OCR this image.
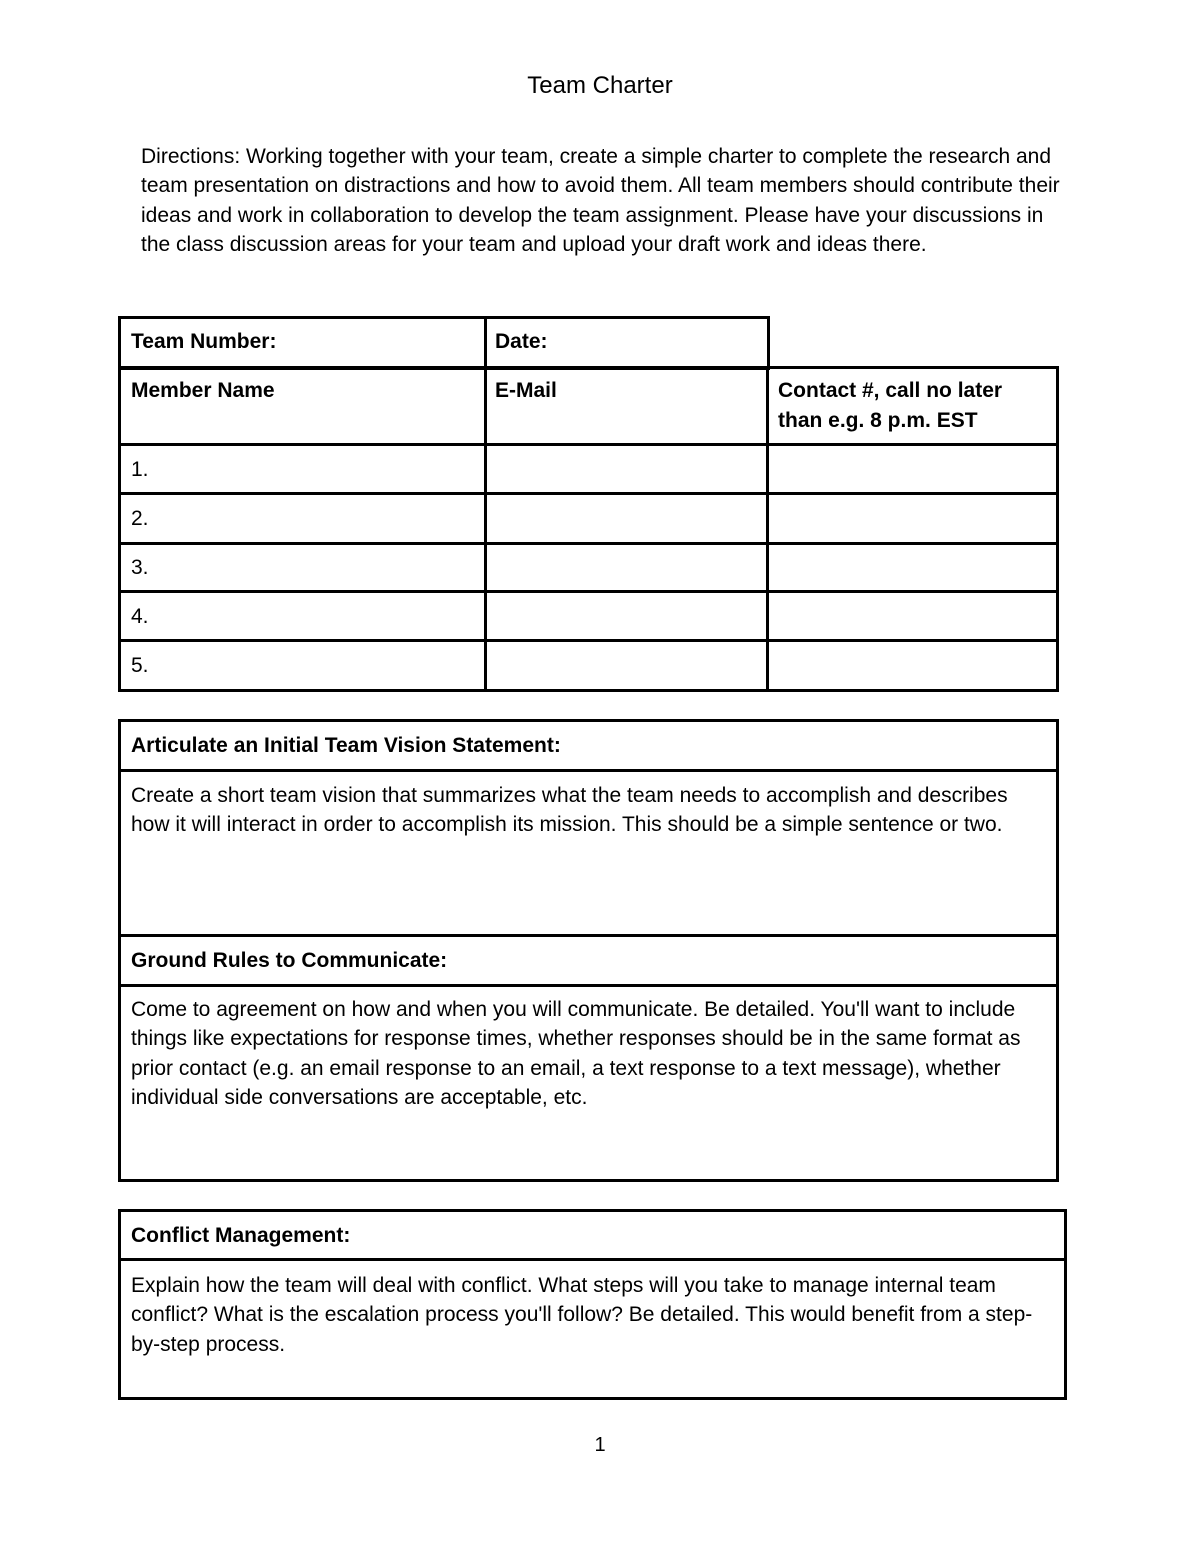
Team Charter
Directions: Working together with your team, create a simple charter to complete the research and team presentation on distractions and how to avoid them. All team members should contribute their ideas and work in collaboration to develop the team assignment. Please have your discussions in the class discussion areas for your team and upload your draft work and ideas there.
Team Number:	Date:
Member Name	E-Mail	Contact #, call no later than e.g. 8 p.m. EST
1.
2.
3.
4.
5.
Articulate an Initial Team Vision Statement:
Create a short team vision that summarizes what the team needs to accomplish and describes how it will interact in order to accomplish its mission. This should be a simple sentence or two.
Ground Rules to Communicate:
Come to agreement on how and when you will communicate. Be detailed. You'll want to include things like expectations for response times, whether responses should be in the same format as prior contact (e.g. an email response to an email, a text response to a text message), whether individual side conversations are acceptable, etc.
Conflict Management:
Explain how the team will deal with conflict. What steps will you take to manage internal team conflict? What is the escalation process you'll follow? Be detailed. This would benefit from a step-by-step process.
1
